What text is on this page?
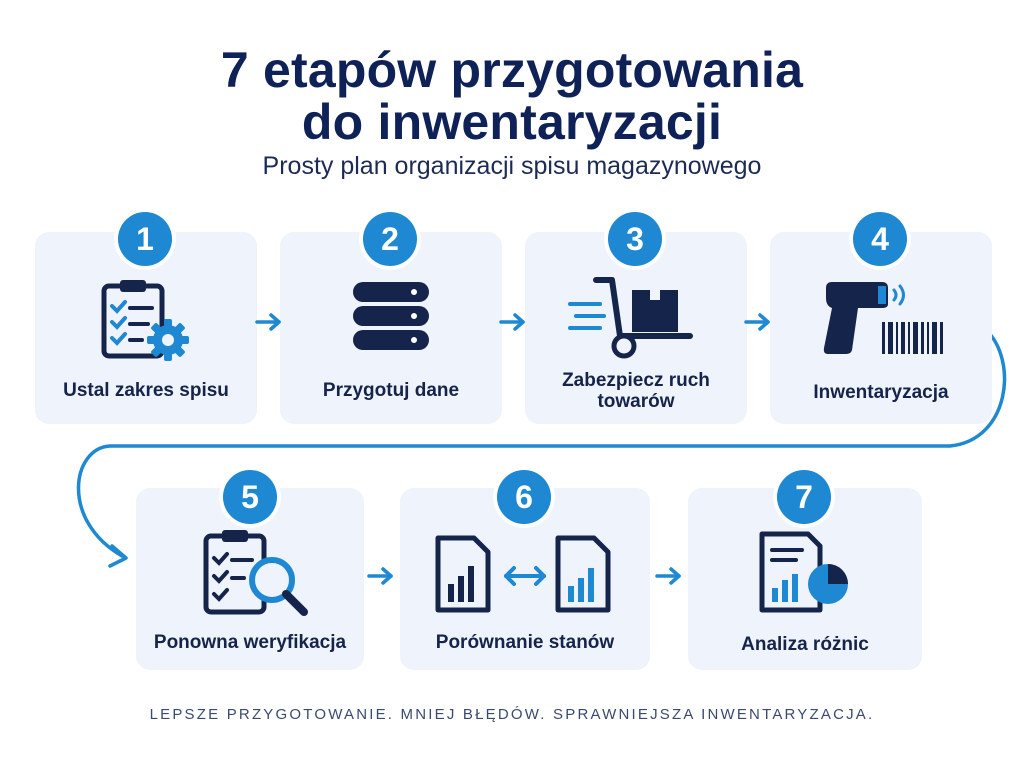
7 etapów przygotowania
do inwentaryzacji
Prosty plan organizacji spisu magazynowego
1	2	3	4
5	6	7
Ustal zakres spisu	Przygotuj dane	Zabezpiecz ruch towarów	Inwentaryzacja
Ponowna weryfikacja	Porównanie stanów	Analiza różnic
LEPSZE PRZYGOTOWANIE. MNIEJ BŁĘDÓW. SPRAWNIEJSZA INWENTARYZACJA.
